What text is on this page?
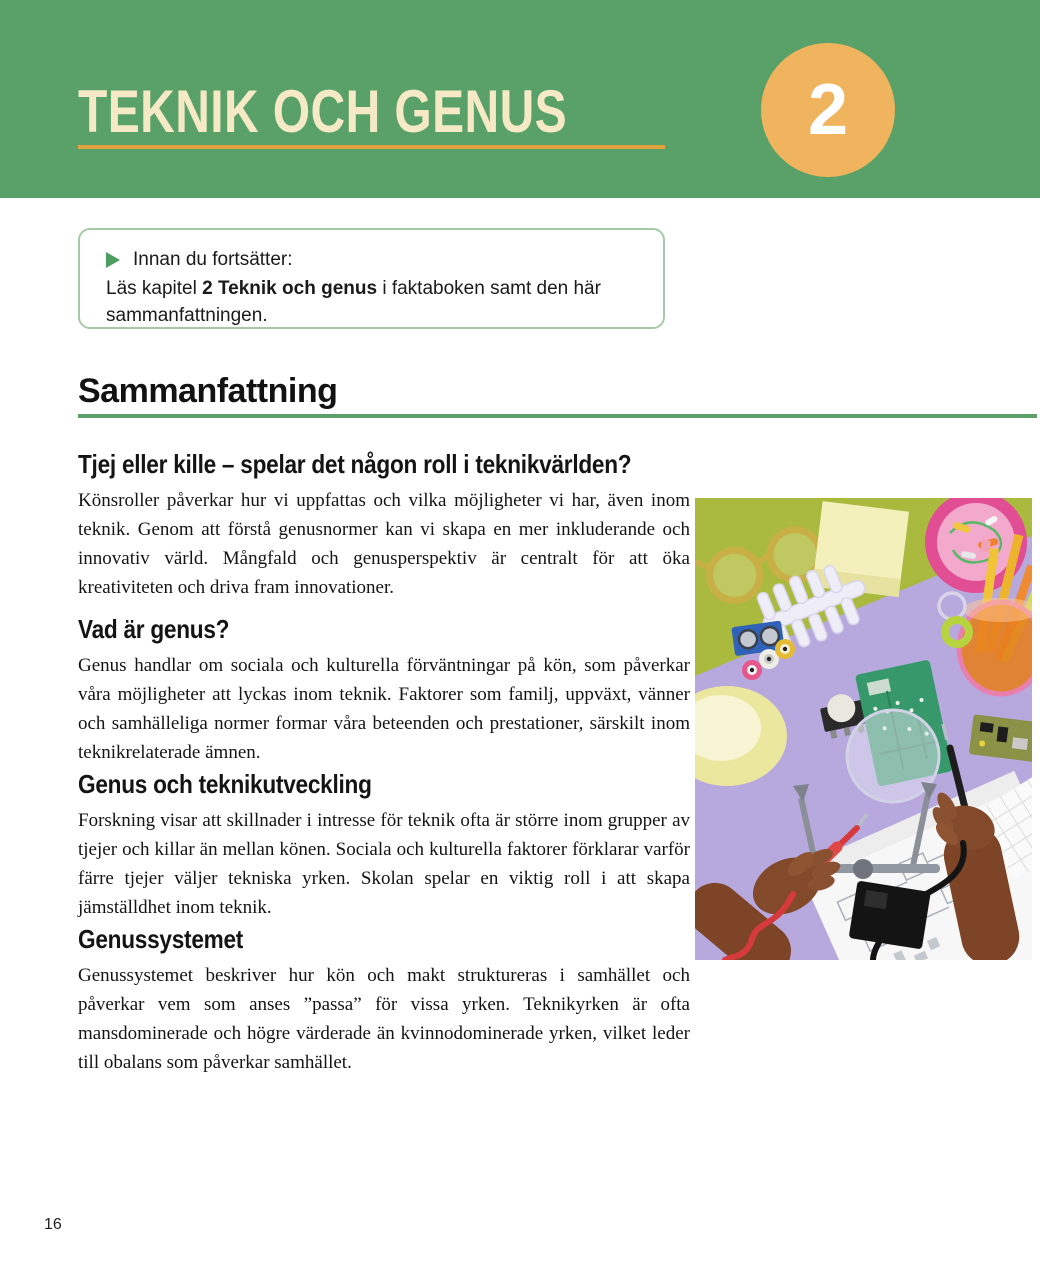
TEKNIK OCH GENUS	2
Innan du fortsätter:

Läs kapitel 2 Teknik och genus i faktaboken samt den här sammanfattningen.

Sammanfattning
Tjej eller kille – spelar det någon roll i teknikvärlden?

Könsroller påverkar hur vi uppfattas och vilka möjligheter vi har, även inom teknik. Genom att förstå genusnormer kan vi skapa en mer inkluderande och innovativ värld. Mångfald och genusperspektiv är centralt för att öka kreativiteten och driva fram innovationer.

Vad är genus?

Genus handlar om sociala och kulturella förväntningar på kön, som påverkar våra möjligheter att lyckas inom teknik. Faktorer som familj, uppväxt, vänner och samhälleliga normer formar våra beteenden och prestationer, särskilt inom teknikrelaterade ämnen.

Genus och teknikutveckling

Forskning visar att skillnader i intresse för teknik ofta är större inom grupper av tjejer och killar än mellan könen. Sociala och kulturella faktorer förklarar varför färre tjejer väljer tekniska yrken. Skolan spelar en viktig roll i att skapa jämställdhet inom teknik.

Genussystemet

Genussystemet beskriver hur kön och makt struktureras i samhället och påverkar vem som anses ”passa” för vissa yrken. Teknikyrken är ofta mansdominerade och högre värderade än kvinnodominerade yrken, vilket leder till obalans som påverkar samhället.

16
